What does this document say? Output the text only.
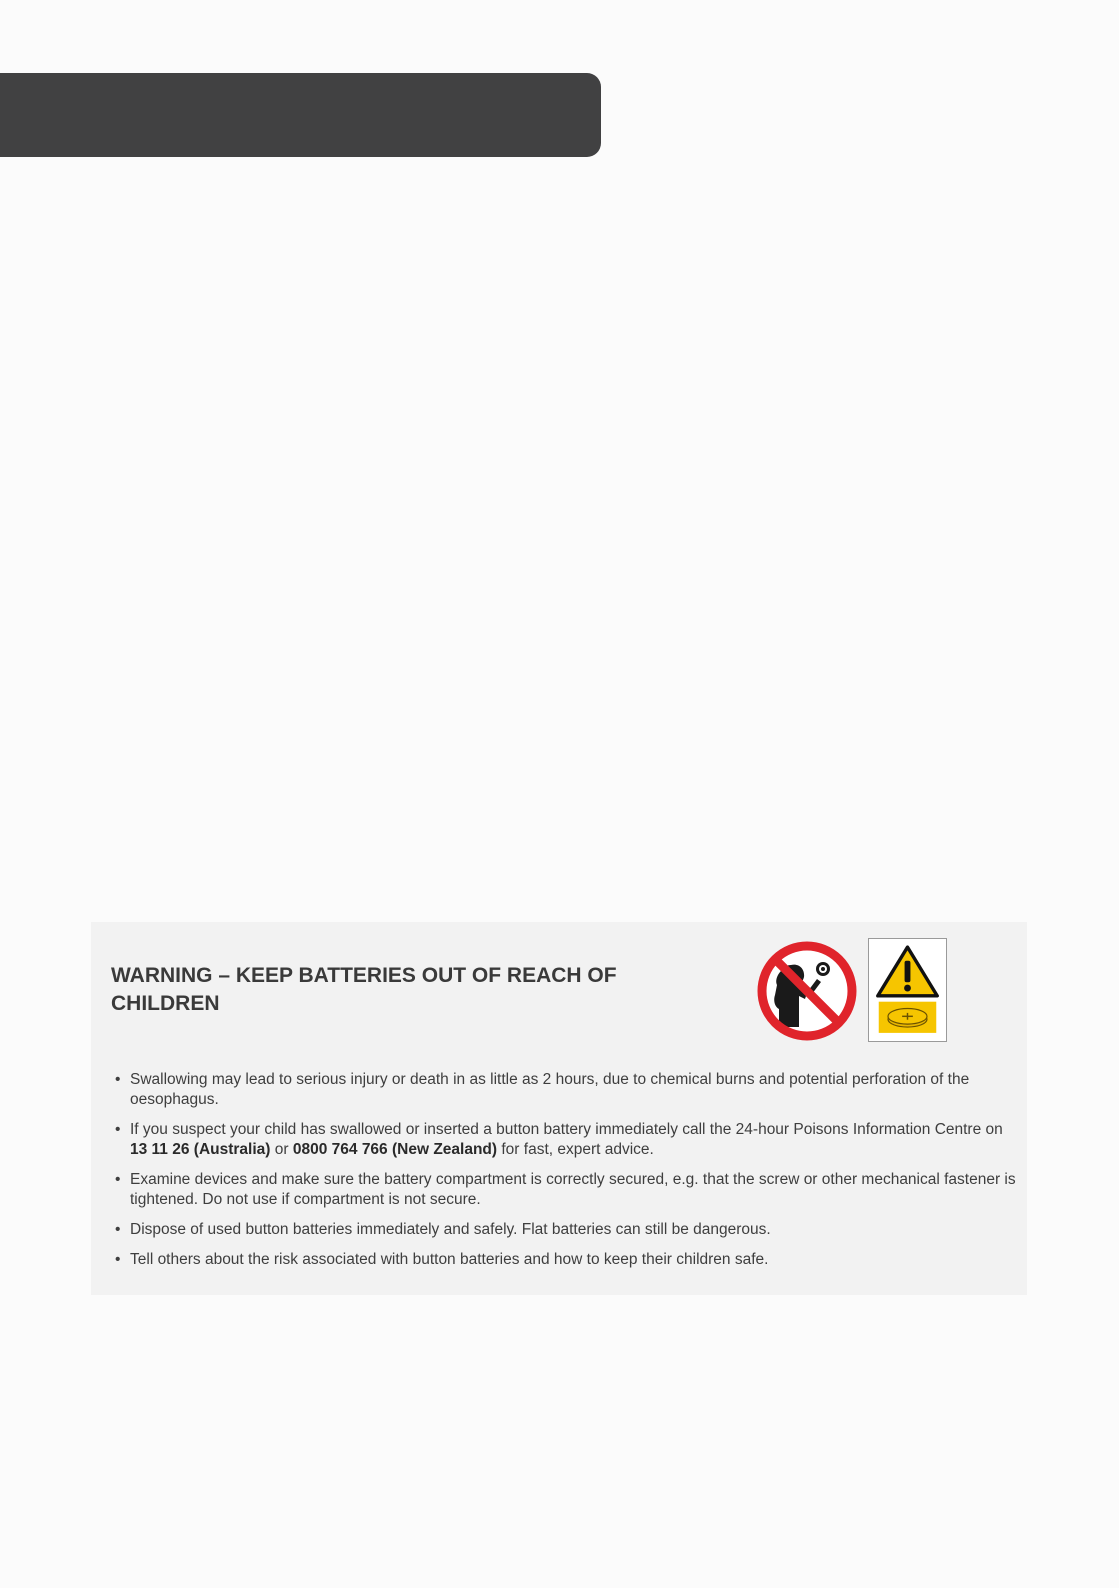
WARNING – KEEP BATTERIES OUT OF REACH OF CHILDREN
• Swallowing may lead to serious injury or death in as little as 2 hours, due to chemical burns and potential perforation of the oesophagus.
• If you suspect your child has swallowed or inserted a button battery immediately call the 24-hour Poisons Information Centre on 13 11 26 (Australia) or 0800 764 766 (New Zealand) for fast, expert advice.
• Examine devices and make sure the battery compartment is correctly secured, e.g. that the screw or other mechanical fastener is tightened. Do not use if compartment is not secure.
• Dispose of used button batteries immediately and safely. Flat batteries can still be dangerous.
• Tell others about the risk associated with button batteries and how to keep their children safe.
